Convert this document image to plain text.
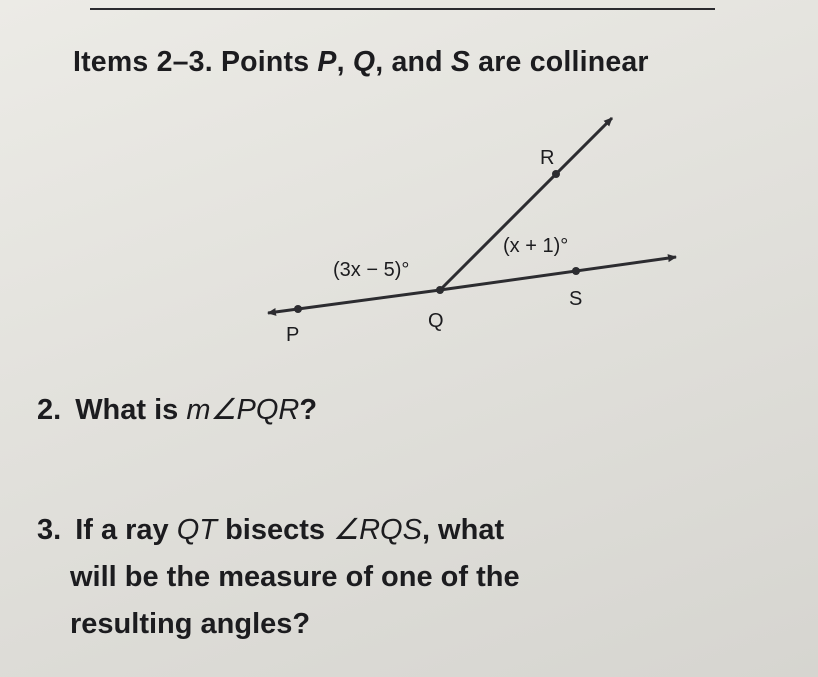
Items 2–3. Points P, Q, and S are collinear
R
Q
P
S
(3x − 5)°
(x + 1)°
2. What is m∠PQR?
3. If a ray QT bisects ∠RQS, what
will be the measure of one of the
resulting angles?
